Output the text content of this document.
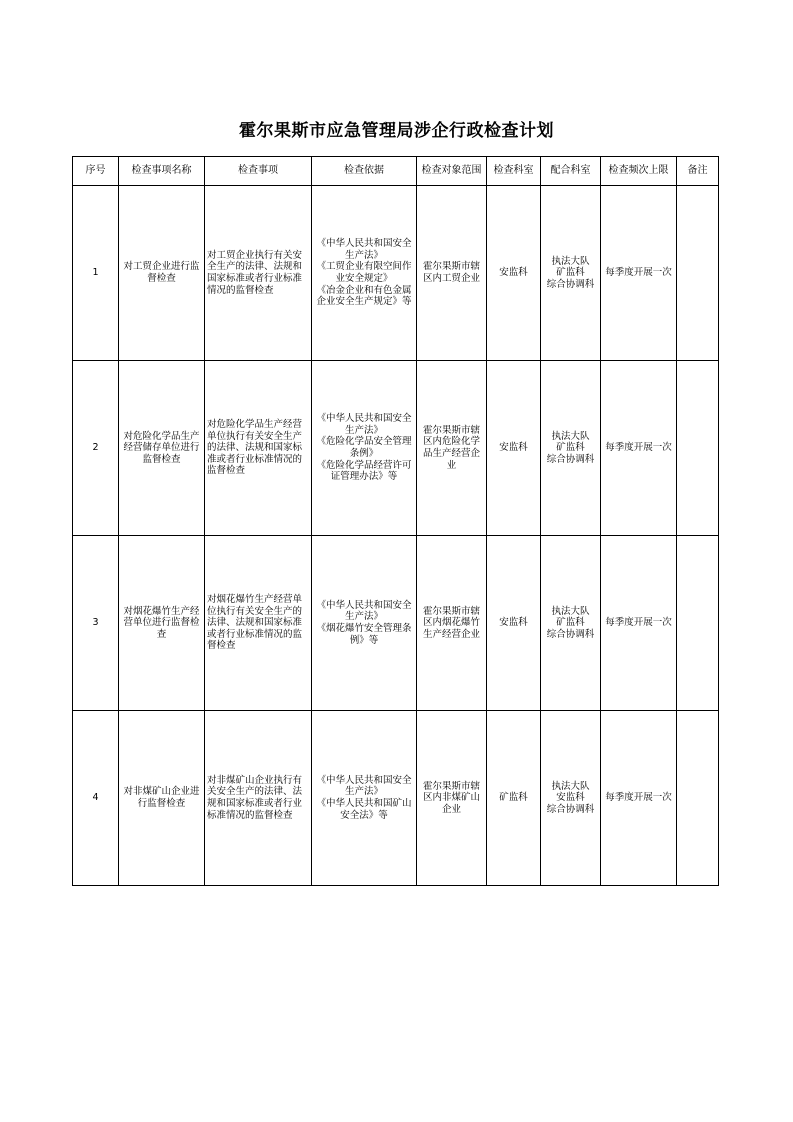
霍尔果斯市应急管理局涉企行政检查计划
序号	检查事项名称	检查事项	检查依据	检查对象范围	检查科室	配合科室	检查频次上限	备注
1	对工贸企业进行监督检查	对工贸企业执行有关安全生产的法律、法规和国家标准或者行业标准情况的监督检查	《中华人民共和国安全生产法》
《工贸企业有限空间作业安全规定》
《冶金企业和有色金属企业安全生产规定》等	霍尔果斯市辖区内工贸企业	安监科	执法大队
矿监科
综合协调科	每季度开展一次	
2	对危险化学品生产经营储存单位进行监督检查	对危险化学品生产经营单位执行有关安全生产的法律、法规和国家标准或者行业标准情况的监督检查	《中华人民共和国安全生产法》
《危险化学品安全管理条例》
《危险化学品经营许可证管理办法》等	霍尔果斯市辖区内危险化学品生产经营企业	安监科	执法大队
矿监科
综合协调科	每季度开展一次	
3	对烟花爆竹生产经营单位进行监督检查	对烟花爆竹生产经营单位执行有关安全生产的法律、法规和国家标准或者行业标准情况的监督检查	《中华人民共和国安全生产法》
《烟花爆竹安全管理条例》等	霍尔果斯市辖区内烟花爆竹生产经营企业	安监科	执法大队
矿监科
综合协调科	每季度开展一次	
4	对非煤矿山企业进行监督检查	对非煤矿山企业执行有关安全生产的法律、法规和国家标准或者行业标准情况的监督检查	《中华人民共和国安全生产法》
《中华人民共和国矿山安全法》等	霍尔果斯市辖区内非煤矿山企业	矿监科	执法大队
安监科
综合协调科	每季度开展一次	
